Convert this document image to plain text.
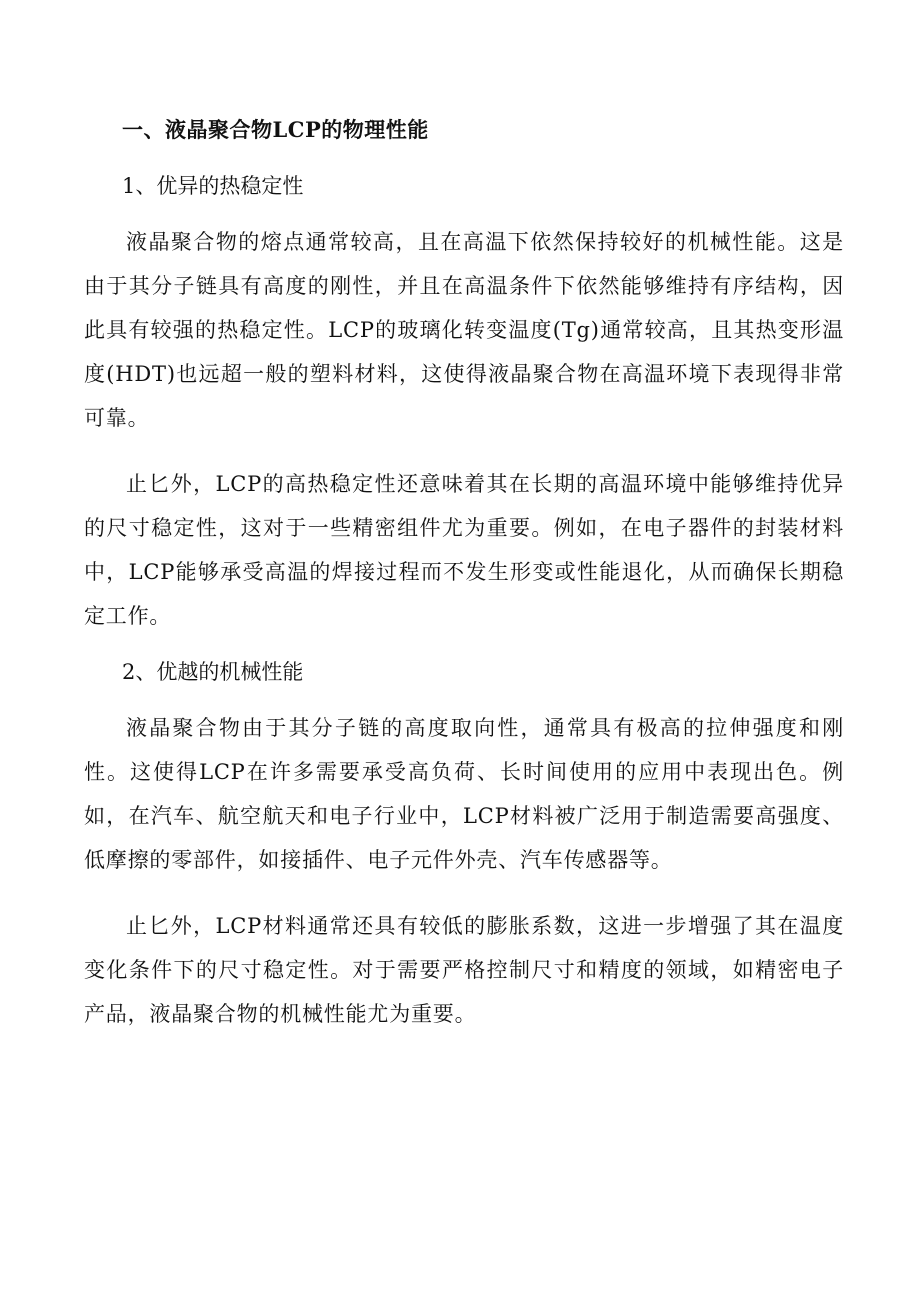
一、液晶聚合物LCP的物理性能
1、优异的热稳定性

液晶聚合物的熔点通常较高，且在高温下依然保持较好的机械性能。这是由于其分子链具有高度的刚性，并且在高温条件下依然能够维持有序结构，因此具有较强的热稳定性。LCP的玻璃化转变温度(Tg)通常较高，且其热变形温度(HDT)也远超一般的塑料材料，这使得液晶聚合物在高温环境下表现得非常可靠。

止匕外，LCP的高热稳定性还意味着其在长期的高温环境中能够维持优异的尺寸稳定性，这对于一些精密组件尤为重要。例如，在电子器件的封装材料中，LCP能够承受高温的焊接过程而不发生形变或性能退化，从而确保长期稳定工作。

2、优越的机械性能

液晶聚合物由于其分子链的高度取向性，通常具有极高的拉伸强度和刚性。这使得LCP在许多需要承受高负荷、长时间使用的应用中表现出色。例如，在汽车、航空航天和电子行业中，LCP材料被广泛用于制造需要高强度、低摩擦的零部件，如接插件、电子元件外壳、汽车传感器等。

止匕外，LCP材料通常还具有较低的膨胀系数，这进一步增强了其在温度变化条件下的尺寸稳定性。对于需要严格控制尺寸和精度的领域，如精密电子产品，液晶聚合物的机械性能尤为重要。
